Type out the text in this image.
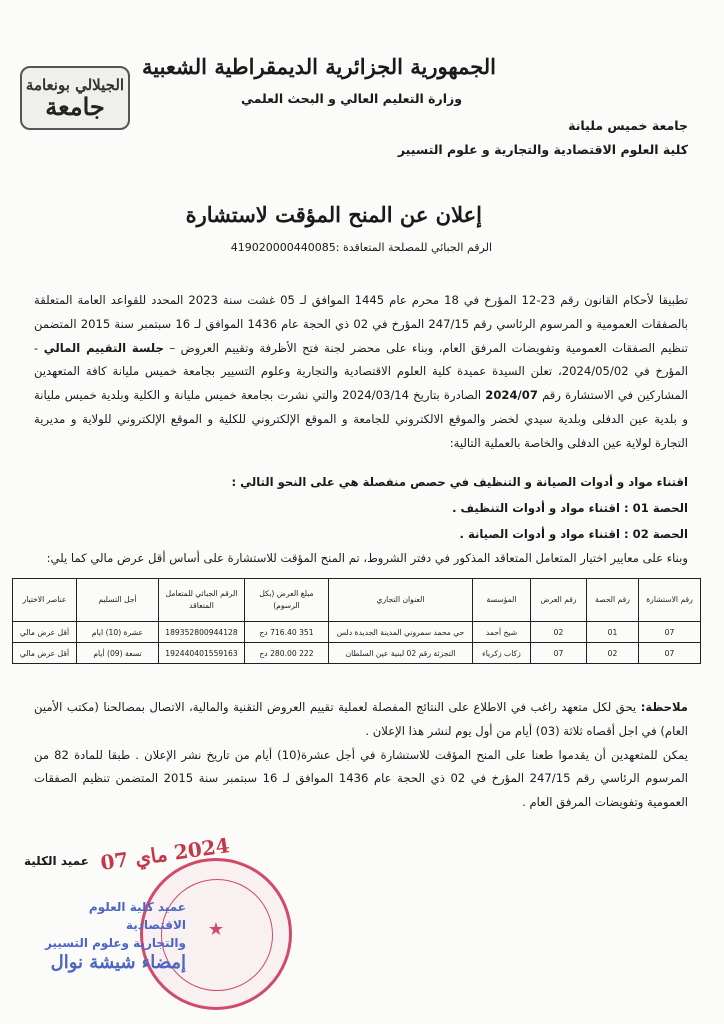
الجيلالي بونعامة
جامعة
الجمهورية الجزائرية الديمقراطية الشعبية
وزارة التعليم العالي و البحث العلمي
جامعة خميس مليانة
كلية العلوم الاقتصادية والتجارية و علوم التسيير
إعلان عن المنح المؤقت لاستشارة
الرقم الجبائي للمصلحة المتعاقدة :419020000440085
تطبيقا لأحكام القانون رقم 23-12 المؤرخ في 18 محرم عام 1445 الموافق لـ 05 غشت سنة 2023 المحدد للقواعد العامة المتعلقة بالصفقات العمومية و المرسوم الرئاسي رقم 247/15 المؤرخ في 02 ذي الحجة عام 1436 الموافق لـ 16 سبتمبر سنة 2015 المتضمن تنظيم الصفقات العمومية وتفويضات المرفق العام، وبناء على محضر لجنة فتح الأظرفة وتقييم العروض – جلسة التقييم المالي - المؤرخ في 2024/05/02، تعلن السيدة عميدة كلية العلوم الاقتصادية والتجارية وعلوم التسيير بجامعة خميس مليانة كافة المتعهدين المشاركين في الاستشارة رقم 2024/07 الصادرة بتاريخ 2024/03/14 والتي نشرت بجامعة خميس مليانة و الكلية وبلدية خميس مليانة و بلدية عين الدفلى وبلدية سيدي لخضر والموقع الالكتروني للجامعة و الموقع الإلكتروني للكلية و الموقع الإلكتروني للولاية و مديرية التجارة لولاية عين الدفلى والخاصة بالعملية التالية:
اقتناء مواد و أدوات الصيانة و التنظيف في حصص منفصلة هي على النحو التالي :
الحصة 01 : اقتناء مواد و أدوات التنظيف .
الحصة 02 : اقتناء مواد و أدوات الصيانة .
وبناء على معايير اختيار المتعامل المتعاقد المذكور في دفتر الشروط، تم المنح المؤقت للاستشارة على أساس أقل عرض مالي كما يلي:
رقم الاستشارة	رقم الحصة	رقم العرض	المؤسسة	العنوان التجاري	مبلغ العرض (بكل الرسوم)	الرقم الجبائي للمتعامل المتعاقد	أجل التسليم	عناصر الاختيار
07	01	02	شيخ أحمد	حي محمد سمروني المدينة الجديدة دلس	351 716.40 دج	189352800944128	عشرة (10) ايام	أقل عرض مالي
07	02	07	زكاب زكرياء	التجزئة رقم 02 لبنية عين السلطان	222 280.00 دج	192440401559163	تسعة (09) أيام	أقل عرض مالي
ملاحظة: يحق لكل متعهد راغب في الاطلاع على النتائج المفصلة لعملية تقييم العروض التقنية والمالية، الاتصال بمصالحنا (مكتب الأمين العام) في اجل أقصاه ثلاثة (03) أيام من أول يوم لنشر هذا الإعلان .
يمكن للمتعهدين أن يقدموا طعنا على المنح المؤقت للاستشارة في أجل عشرة(10) أيام من تاريخ نشر الإعلان . طبقا للمادة 82 من المرسوم الرئاسي رقم 247/15 المؤرخ في 02 ذي الحجة عام 1436 الموافق لـ 16 سبتمبر سنة 2015 المتضمن تنظيم الصفقات العمومية وتفويضات المرفق العام .
عميد الكلية 2024 ماي 07
★
عميد كلية العلوم الاقتصادية
والتجارية وعلوم التسيير
إمضاء شيشة نوال
